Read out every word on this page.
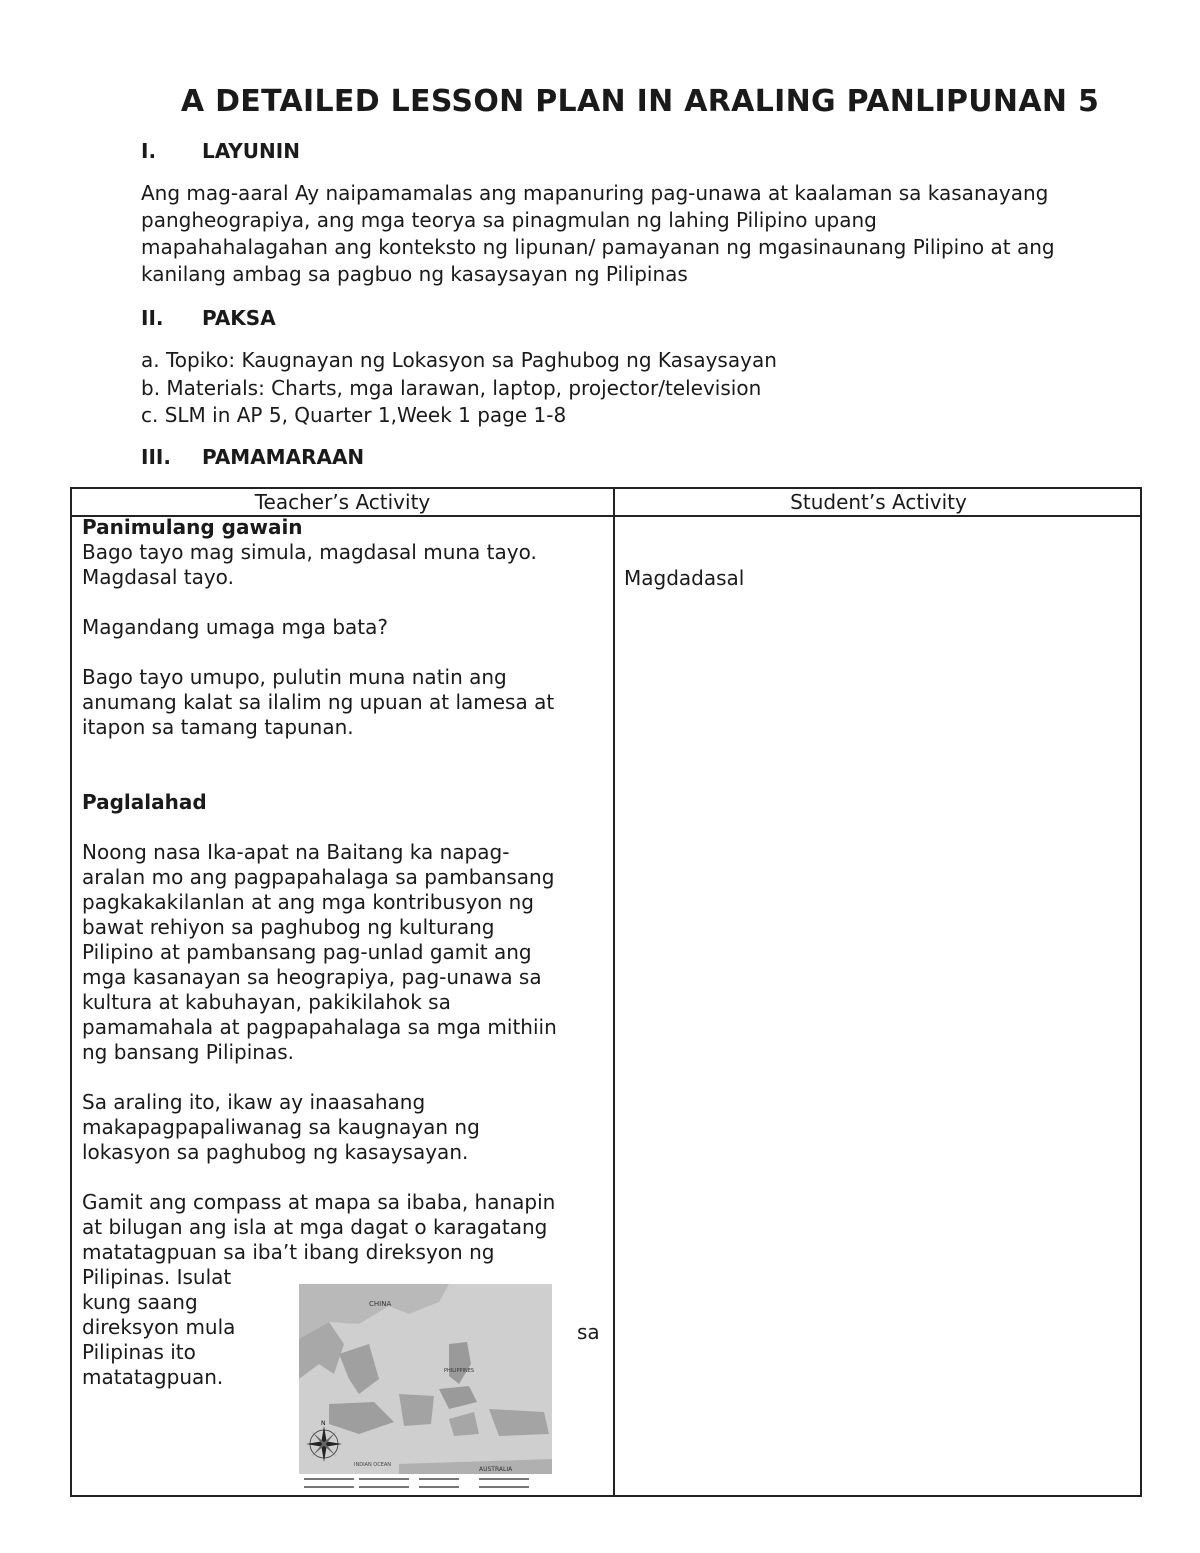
A DETAILED LESSON PLAN IN ARALING PANLIPUNAN 5
I. LAYUNIN
Ang mag-aaral Ay naipamamalas ang mapanuring pag-unawa at kaalaman sa kasanayang
pangheograpiya, ang mga teorya sa pinagmulan ng lahing Pilipino upang
mapahahalagahan ang konteksto ng lipunan/ pamayanan ng mgasinaunang Pilipino at ang
kanilang ambag sa pagbuo ng kasaysayan ng Pilipinas
II. PAKSA
a. Topiko: Kaugnayan ng Lokasyon sa Paghubog ng Kasaysayan
b. Materials: Charts, mga larawan, laptop, projector/television
c. SLM in AP 5, Quarter 1,Week 1 page 1-8
III. PAMAMARAAN
Teacher’s Activity	Student’s Activity

Panimulang gawain

Bago tayo mag simula, magdasal muna tayo.

Magdasal tayo.

Magandang umaga mga bata?

Bago tayo umupo, pulutin muna natin ang

anumang kalat sa ilalim ng upuan at lamesa at

itapon sa tamang tapunan.

Paglalahad

Noong nasa Ika-apat na Baitang ka napag-

aralan mo ang pagpapahalaga sa pambansang

pagkakakilanlan at ang mga kontribusyon ng

bawat rehiyon sa paghubog ng kulturang

Pilipino at pambansang pag-unlad gamit ang

mga kasanayan sa heograpiya, pag-unawa sa

kultura at kabuhayan, pakikilahok sa

pamamahala at pagpapahalaga sa mga mithiin

ng bansang Pilipinas.

Sa araling ito, ikaw ay inaasahang

makapagpapaliwanag sa kaugnayan ng

lokasyon sa paghubog ng kasaysayan.

Gamit ang compass at mapa sa ibaba, hanapin

at bilugan ang isla at mga dagat o karagatang

matatagpuan sa iba’t ibang direksyon ng

Pilipinas. Isulat

kung saang

direksyon mula

Pilipinas ito

matatagpuan.

sa
CHINA
PHILIPPINES
AUSTRALIA
INDIAN OCEAN
N
Magdadasal
